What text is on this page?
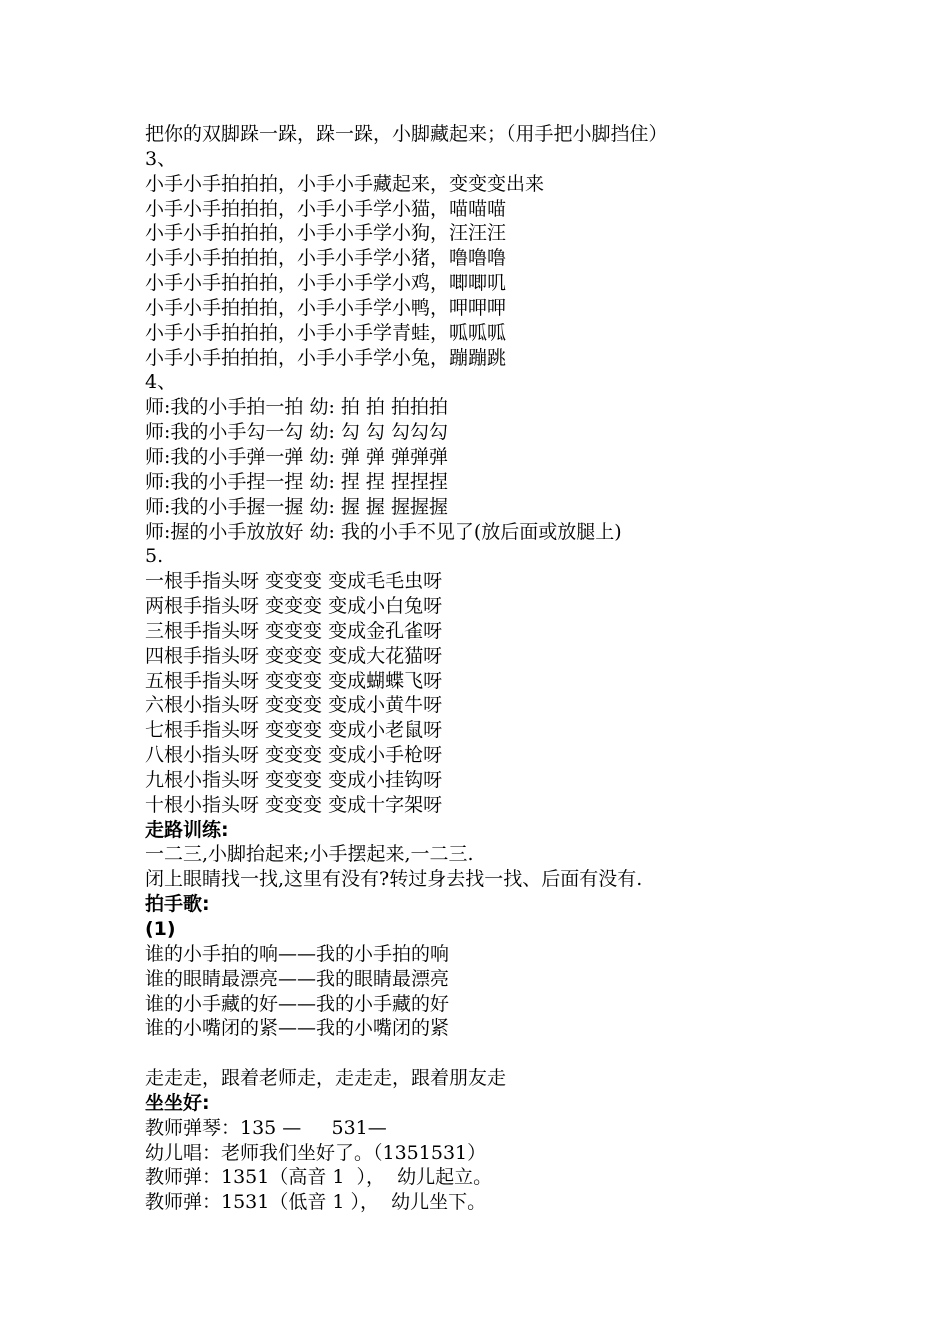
把你的双脚跺一跺，跺一跺，小脚藏起来；（用手把小脚挡住）
3、
小手小手拍拍拍，小手小手藏起来，变变变出来
小手小手拍拍拍，小手小手学小猫，喵喵喵
小手小手拍拍拍，小手小手学小狗，汪汪汪
小手小手拍拍拍，小手小手学小猪，噜噜噜
小手小手拍拍拍，小手小手学小鸡，唧唧叽
小手小手拍拍拍，小手小手学小鸭，呷呷呷
小手小手拍拍拍，小手小手学青蛙，呱呱呱
小手小手拍拍拍，小手小手学小兔，蹦蹦跳
4、
师:我的小手拍一拍 幼: 拍 拍 拍拍拍
师:我的小手勾一勾 幼: 勾 勾 勾勾勾
师:我的小手弹一弹 幼: 弹 弹 弹弹弹
师:我的小手捏一捏 幼: 捏 捏 捏捏捏
师:我的小手握一握 幼: 握 握 握握握
师:握的小手放放好 幼: 我的小手不见了(放后面或放腿上)
5.
一根手指头呀 变变变 变成毛毛虫呀
两根手指头呀 变变变 变成小白兔呀
三根手指头呀 变变变 变成金孔雀呀
四根手指头呀 变变变 变成大花猫呀
五根手指头呀 变变变 变成蝴蝶飞呀
六根小指头呀 变变变 变成小黄牛呀
七根手指头呀 变变变 变成小老鼠呀
八根小指头呀 变变变 变成小手枪呀
九根小指头呀 变变变 变成小挂钩呀
十根小指头呀 变变变 变成十字架呀
走路训练:
一二三,小脚抬起来;小手摆起来,一二三.
闭上眼睛找一找,这里有没有?转过身去找一找、后面有没有.
拍手歌:
(1)
谁的小手拍的响——我的小手拍的响
谁的眼睛最漂亮——我的眼睛最漂亮
谁的小手藏的好——我的小手藏的好
谁的小嘴闭的紧——我的小嘴闭的紧
走走走，跟着老师走，走走走，跟着朋友走
坐坐好:
教师弹琴：135 —     531—
幼儿唱：老师我们坐好了。（1351531）
教师弹：1351（高音 1  ），  幼儿起立。
教师弹：1531（低音 1 ），  幼儿坐下。
